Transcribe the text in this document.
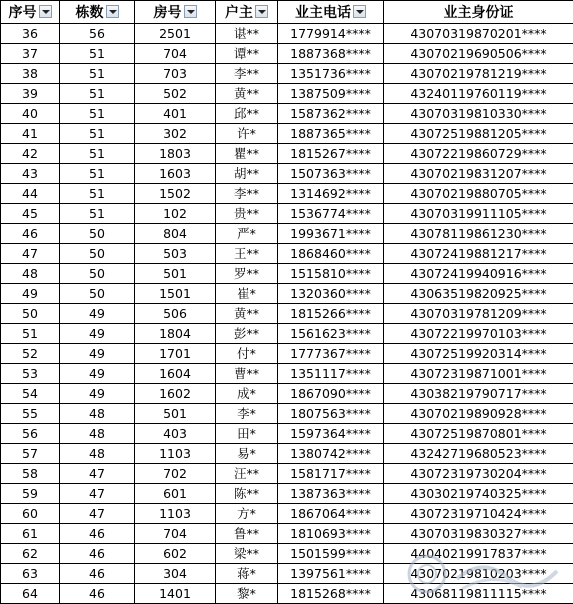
序号	栋数	房号	户主	业主电话	业主身份证
36	56	2501	谌**	1779914****	43070319870201****
37	51	704	谭**	1887368****	43070219690506****
38	51	703	李**	1351736****	43070219781219****
39	51	502	黄**	1387509****	43240119760119****
40	51	401	邱**	1587362****	43070319810330****
41	51	302	许*	1887365****	43072519881205****
42	51	1803	瞿**	1815267****	43072219860729****
43	51	1603	胡**	1507363****	43070219831207****
44	51	1502	李**	1314692****	43070219880705****
45	51	102	贵**	1536774****	43070319911105****
46	50	804	严*	1993671****	43078119861230****
47	50	503	王**	1868460****	43072419881217****
48	50	501	罗**	1515810****	43072419940916****
49	50	1501	崔*	1320360****	43063519820925****
50	49	506	黄**	1815266****	43070319781209****
51	49	1804	彭**	1561623****	43072219970103****
52	49	1701	付*	1777367****	43072519920314****
53	49	1604	曹**	1351117****	43072319871001****
54	49	1602	成*	1867090****	43038219790717****
55	48	501	李*	1807563****	43070219890928****
56	48	403	田*	1597364****	43072519870801****
57	48	1103	易*	1380742****	43242719680523****
58	47	702	汪**	1581717****	43072319730204****
59	47	601	陈**	1387363****	43030219740325****
60	47	1103	方*	1867064****	43072319710424****
61	46	704	鲁**	1810693****	43070319830327****
62	46	602	梁**	1501599****	44040219917837****
63	46	304	蒋*	1397561****	43070219810203****
64	46	1401	黎*	1815268****	43068119811115****
